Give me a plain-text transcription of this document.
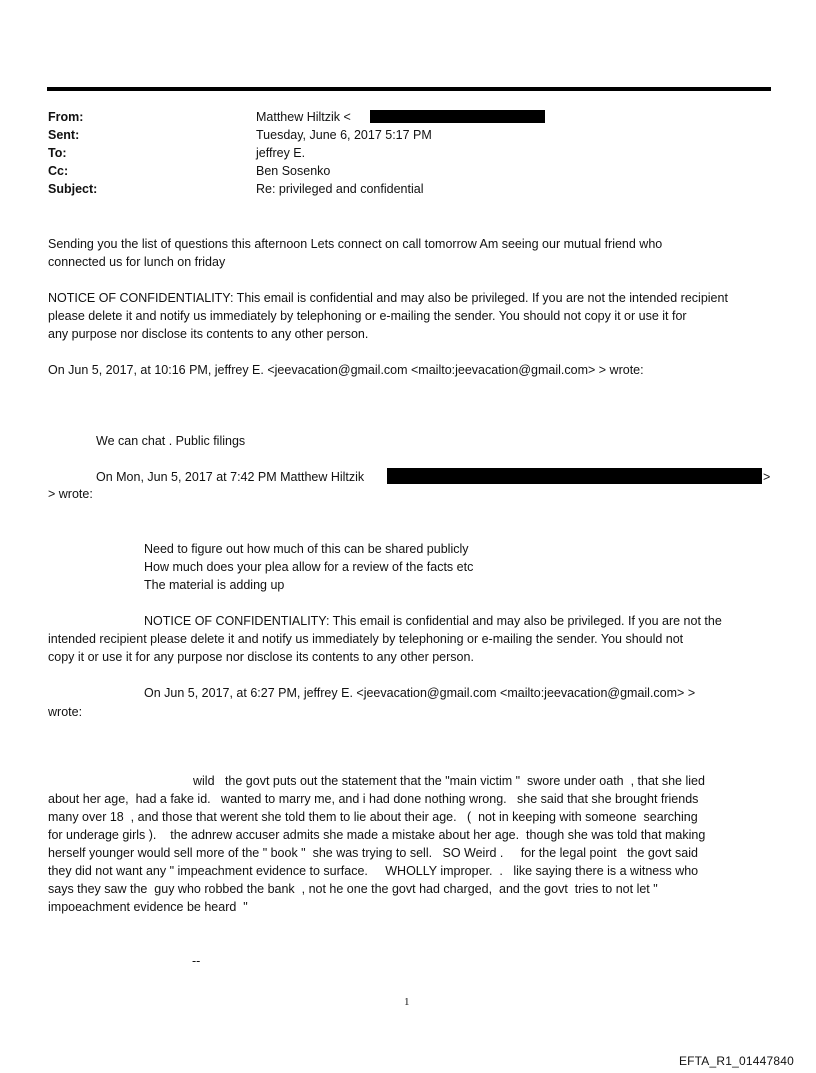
From:	Matthew Hiltzik <
Sent:	Tuesday, June 6, 2017 5:17 PM
To:	jeffrey E.
Cc:	Ben Sosenko
Subject:	Re: privileged and confidential
Sending you the list of questions this afternoon Lets connect on call tomorrow Am seeing our mutual friend who
connected us for lunch on friday
NOTICE OF CONFIDENTIALITY: This email is confidential and may also be privileged. If you are not the intended recipient
please delete it and notify us immediately by telephoning or e-mailing the sender. You should not copy it or use it for
any purpose nor disclose its contents to any other person.
On Jun 5, 2017, at 10:16 PM, jeffrey E. <jeevacation@gmail.com <mailto:jeevacation@gmail.com> > wrote:
We can chat . Public filings
On Mon, Jun 5, 2017 at 7:42 PM Matthew Hiltzik	>
> wrote:
Need to figure out how much of this can be shared publicly
How much does your plea allow for a review of the facts etc
The material is adding up
NOTICE OF CONFIDENTIALITY: This email is confidential and may also be privileged. If you are not the
intended recipient please delete it and notify us immediately by telephoning or e-mailing the sender. You should not
copy it or use it for any purpose nor disclose its contents to any other person.
On Jun 5, 2017, at 6:27 PM, jeffrey E. <jeevacation@gmail.com <mailto:jeevacation@gmail.com> >
wrote:
wild   the govt puts out the statement that the "main victim "  swore under oath  , that she lied
about her age,  had a fake id.   wanted to marry me, and i had done nothing wrong.   she said that she brought friends
many over 18  , and those that werent she told them to lie about their age.   (  not in keeping with someone  searching
for underage girls ).    the adnrew accuser admits she made a mistake about her age.  though she was told that making
herself younger would sell more of the " book "  she was trying to sell.   SO Weird .     for the legal point   the govt said
they did not want any " impeachment evidence to surface.     WHOLLY improper.  .   like saying there is a witness who
says they saw the  guy who robbed the bank  , not he one the govt had charged,  and the govt  tries to not let "
impoeachment evidence be heard  "
--
1
EFTA_R1_01447840
